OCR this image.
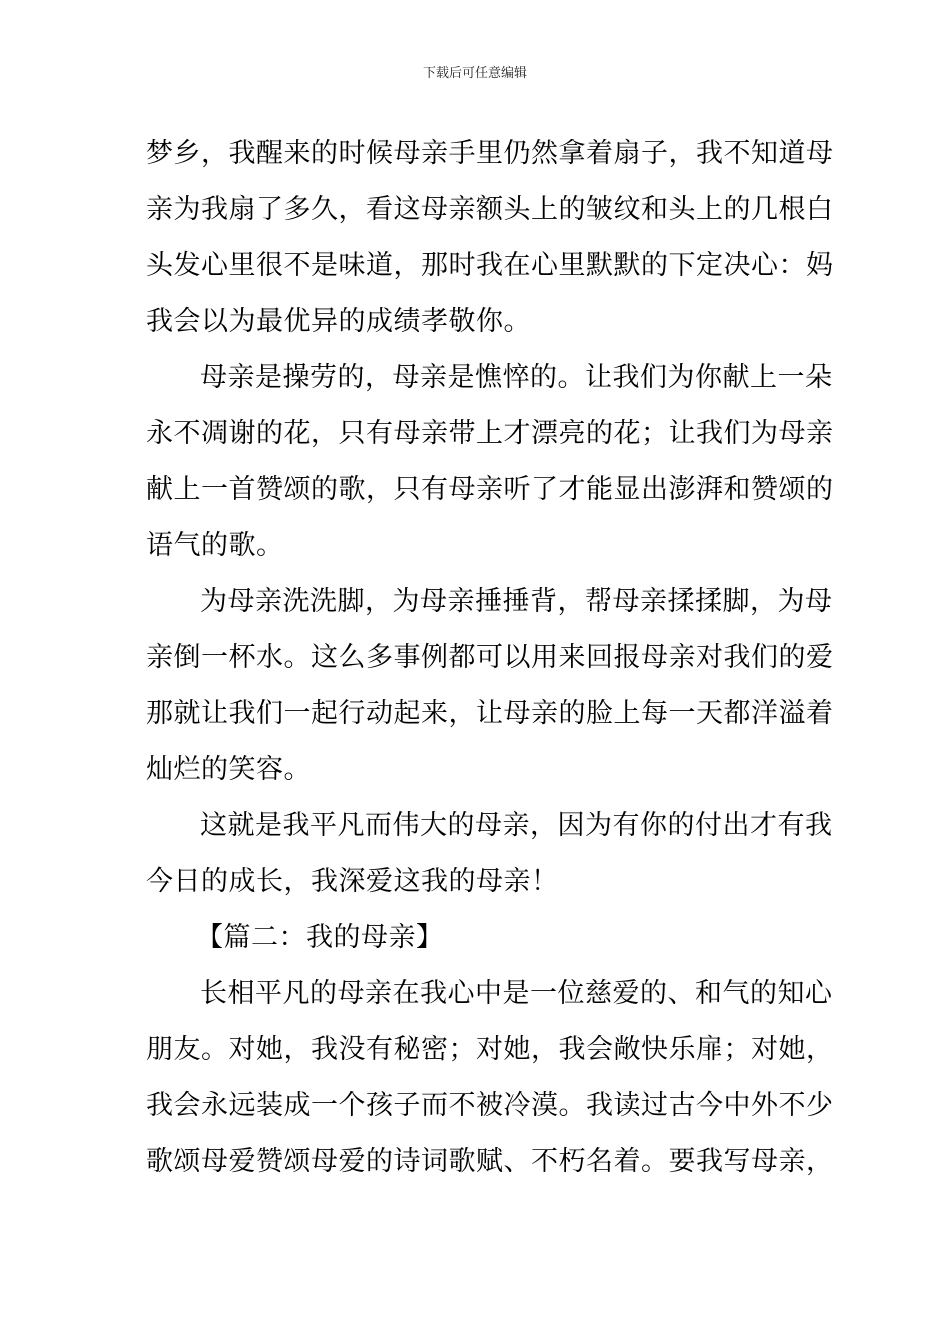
下载后可任意编辑
梦乡，我醒来的时候母亲手里仍然拿着扇子，我不知道母
亲为我扇了多久，看这母亲额头上的皱纹和头上的几根白
头发心里很不是味道，那时我在心里默默的下定决心：妈
我会以为最优异的成绩孝敬你。
母亲是操劳的，母亲是憔悴的。让我们为你献上一朵
永不凋谢的花，只有母亲带上才漂亮的花；让我们为母亲
献上一首赞颂的歌，只有母亲听了才能显出澎湃和赞颂的
语气的歌。
为母亲洗洗脚，为母亲捶捶背，帮母亲揉揉脚，为母
亲倒一杯水。这么多事例都可以用来回报母亲对我们的爱
那就让我们一起行动起来，让母亲的脸上每一天都洋溢着
灿烂的笑容。
这就是我平凡而伟大的母亲，因为有你的付出才有我
今日的成长，我深爱这我的母亲！
【篇二：我的母亲】
长相平凡的母亲在我心中是一位慈爱的、和气的知心
朋友。对她，我没有秘密；对她，我会敞快乐扉；对她，
我会永远装成一个孩子而不被冷漠。我读过古今中外不少
歌颂母爱赞颂母爱的诗词歌赋、不朽名着。要我写母亲，
